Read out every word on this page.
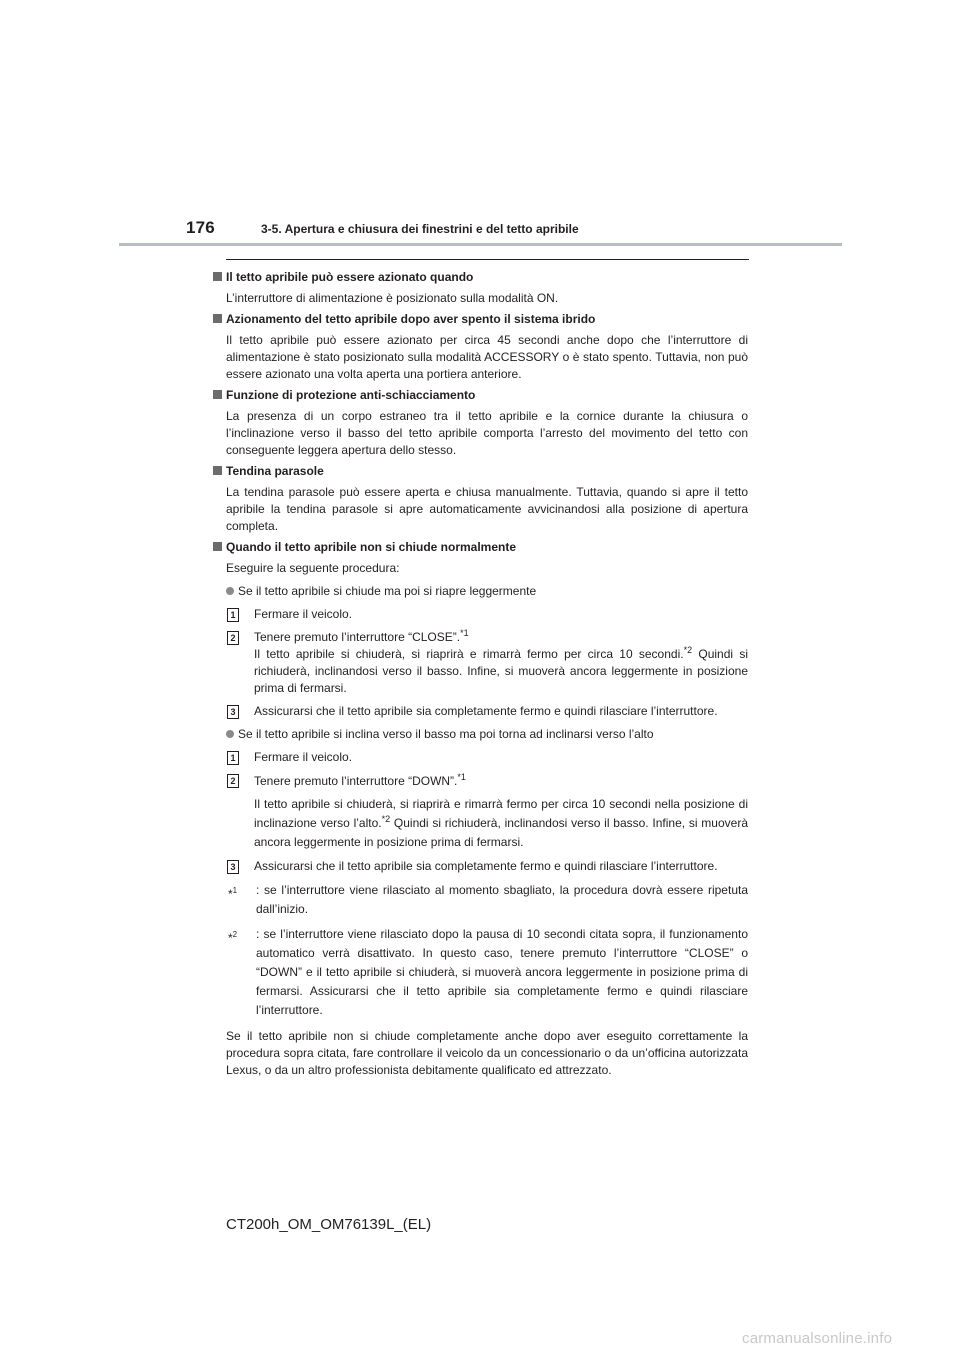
176	3-5. Apertura e chiusura dei finestrini e del tetto apribile
Il tetto apribile può essere azionato quando
L’interruttore di alimentazione è posizionato sulla modalità ON.
Azionamento del tetto apribile dopo aver spento il sistema ibrido
Il tetto apribile può essere azionato per circa 45 secondi anche dopo che l’interruttore di alimentazione è stato posizionato sulla modalità ACCESSORY o è stato spento. Tuttavia, non può essere azionato una volta aperta una portiera anteriore.
Funzione di protezione anti-schiacciamento
La presenza di un corpo estraneo tra il tetto apribile e la cornice durante la chiusura o l’inclinazione verso il basso del tetto apribile comporta l’arresto del movimento del tetto con conseguente leggera apertura dello stesso.
Tendina parasole
La tendina parasole può essere aperta e chiusa manualmente. Tuttavia, quando si apre il tetto apribile la tendina parasole si apre automaticamente avvicinandosi alla posizione di apertura completa.
Quando il tetto apribile non si chiude normalmente
Eseguire la seguente procedura:
Se il tetto apribile si chiude ma poi si riapre leggermente
1 Fermare il veicolo.
2 Tenere premuto l’interruttore “CLOSE”.$^{*1}$
Il tetto apribile si chiuderà, si riaprirà e rimarrà fermo per circa 10 secondi.$^{*2}$ Quindi si richiuderà, inclinandosi verso il basso. Infine, si muoverà ancora leggermente in posizione prima di fermarsi.
3 Assicurarsi che il tetto apribile sia completamente fermo e quindi rilasciare l’interruttore.
Se il tetto apribile si inclina verso il basso ma poi torna ad inclinarsi verso l’alto
1 Fermare il veicolo.
2 Tenere premuto l’interruttore “DOWN”.$^{*1}$
Il tetto apribile si chiuderà, si riaprirà e rimarrà fermo per circa 10 secondi nella posizione di inclinazione verso l’alto.$^{*2}$ Quindi si richiuderà, inclinandosi verso il basso. Infine, si muoverà ancora leggermente in posizione prima di fermarsi.
3 Assicurarsi che il tetto apribile sia completamente fermo e quindi rilasciare l’interruttore.
*$^1$ : se l’interruttore viene rilasciato al momento sbagliato, la procedura dovrà essere ripetuta dall’inizio.
*$^2$ : se l’interruttore viene rilasciato dopo la pausa di 10 secondi citata sopra, il funzionamento automatico verrà disattivato. In questo caso, tenere premuto l’interruttore “CLOSE” o “DOWN” e il tetto apribile si chiuderà, si muoverà ancora leggermente in posizione prima di fermarsi. Assicurarsi che il tetto apribile sia completamente fermo e quindi rilasciare l’interruttore.
Se il tetto apribile non si chiude completamente anche dopo aver eseguito correttamente la procedura sopra citata, fare controllare il veicolo da un concessionario o da un’officina autorizzata Lexus, o da un altro professionista debitamente qualificato ed attrezzato.
CT200h_OM_OM76139L_(EL)
carmanualsonline.info
